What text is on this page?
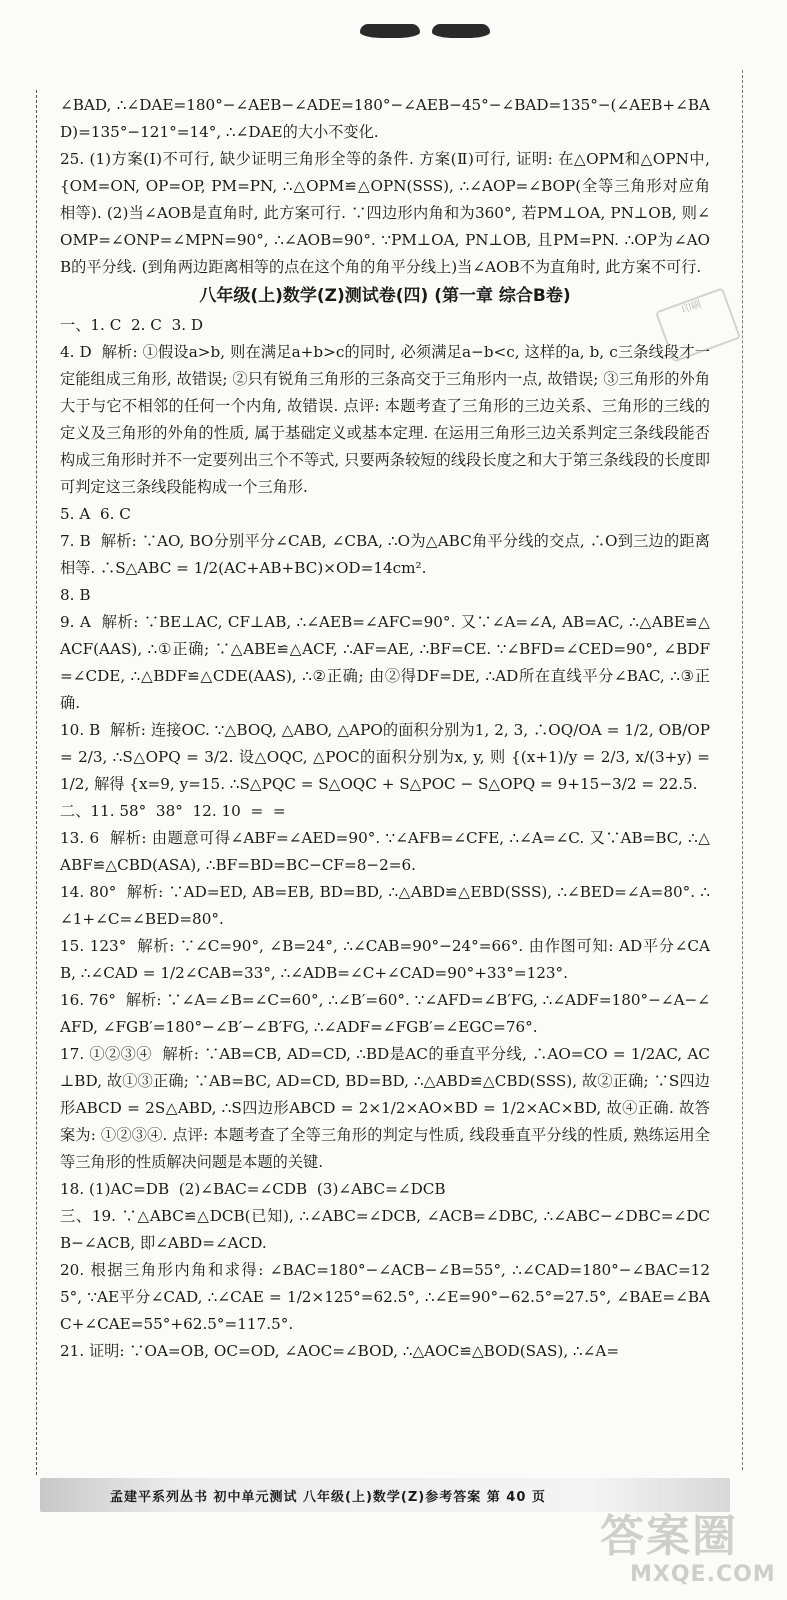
∠BAD, ∴∠DAE=180°−∠AEB−∠ADE=180°−∠AEB−45°−∠BAD=135°−(∠AEB+∠BAD)=135°−121°=14°, ∴∠DAE的大小不变化.

25. (1)方案(Ⅰ)不可行, 缺少证明三角形全等的条件. 方案(Ⅱ)可行, 证明: 在△OPM和△OPN中, {OM=ON, OP=OP, PM=PN, ∴△OPM≌△OPN(SSS), ∴∠AOP=∠BOP(全等三角形对应角相等). (2)当∠AOB是直角时, 此方案可行. ∵四边形内角和为360°, 若PM⊥OA, PN⊥OB, 则∠OMP=∠ONP=∠MPN=90°, ∴∠AOB=90°. ∵PM⊥OA, PN⊥OB, 且PM=PN. ∴OP为∠AOB的平分线. (到角两边距离相等的点在这个角的角平分线上)当∠AOB不为直角时, 此方案不可行.

八年级(上)数学(Z)测试卷(四) (第一章 综合B卷)

一、1. C  2. C  3. D

4. D  解析: ①假设a>b, 则在满足a+b>c的同时, 必须满足a−b<c, 这样的a, b, c三条线段才一定能组成三角形, 故错误; ②只有锐角三角形的三条高交于三角形内一点, 故错误; ③三角形的外角大于与它不相邻的任何一个内角, 故错误. 点评: 本题考查了三角形的三边关系、三角形的三线的定义及三角形的外角的性质, 属于基础定义或基本定理. 在运用三角形三边关系判定三条线段能否构成三角形时并不一定要列出三个不等式, 只要两条较短的线段长度之和大于第三条线段的长度即可判定这三条线段能构成一个三角形.

5. A  6. C

7. B  解析: ∵AO, BO分别平分∠CAB, ∠CBA, ∴O为△ABC角平分线的交点, ∴O到三边的距离相等. ∴S△ABC = 1/2(AC+AB+BC)×OD=14cm².

8. B

9. A  解析: ∵BE⊥AC, CF⊥AB, ∴∠AEB=∠AFC=90°. 又∵∠A=∠A, AB=AC, ∴△ABE≌△ACF(AAS), ∴①正确; ∵△ABE≌△ACF, ∴AF=AE, ∴BF=CE. ∵∠BFD=∠CED=90°, ∠BDF=∠CDE, ∴△BDF≌△CDE(AAS), ∴②正确; 由②得DF=DE, ∴AD所在直线平分∠BAC, ∴③正确.

10. B  解析: 连接OC. ∵△BOQ, △ABO, △APO的面积分别为1, 2, 3, ∴OQ/OA = 1/2, OB/OP = 2/3, ∴S△OPQ = 3/2. 设△OQC, △POC的面积分别为x, y, 则 {(x+1)/y = 2/3, x/(3+y) = 1/2, 解得 {x=9, y=15. ∴S△PQC = S△OQC + S△POC − S△OPQ = 9+15−3/2 = 22.5.

二、11. 58°  38°  12. 10  =  =

13. 6  解析: 由题意可得∠ABF=∠AED=90°. ∵∠AFB=∠CFE, ∴∠A=∠C. 又∵AB=BC, ∴△ABF≌△CBD(ASA), ∴BF=BD=BC−CF=8−2=6.

14. 80°  解析: ∵AD=ED, AB=EB, BD=BD, ∴△ABD≌△EBD(SSS), ∴∠BED=∠A=80°. ∴∠1+∠C=∠BED=80°.

15. 123°  解析: ∵∠C=90°, ∠B=24°, ∴∠CAB=90°−24°=66°. 由作图可知: AD平分∠CAB, ∴∠CAD = 1/2∠CAB=33°, ∴∠ADB=∠C+∠CAD=90°+33°=123°.

16. 76°  解析: ∵∠A=∠B=∠C=60°, ∴∠B′=60°. ∵∠AFD=∠B′FG, ∴∠ADF=180°−∠A−∠AFD, ∠FGB′=180°−∠B′−∠B′FG, ∴∠ADF=∠FGB′=∠EGC=76°.

17. ①②③④  解析: ∵AB=CB, AD=CD, ∴BD是AC的垂直平分线, ∴AO=CO = 1/2AC, AC⊥BD, 故①③正确; ∵AB=BC, AD=CD, BD=BD, ∴△ABD≌△CBD(SSS), 故②正确; ∵S四边形ABCD = 2S△ABD, ∴S四边形ABCD = 2×1/2×AO×BD = 1/2×AC×BD, 故④正确. 故答案为: ①②③④. 点评: 本题考查了全等三角形的判定与性质, 线段垂直平分线的性质, 熟练运用全等三角形的性质解决问题是本题的关键.

18. (1)AC=DB  (2)∠BAC=∠CDB  (3)∠ABC=∠DCB

三、19. ∵△ABC≌△DCB(已知), ∴∠ABC=∠DCB, ∠ACB=∠DBC, ∴∠ABC−∠DBC=∠DCB−∠ACB, 即∠ABD=∠ACD.

20. 根据三角形内角和求得: ∠BAC=180°−∠ACB−∠B=55°, ∴∠CAD=180°−∠BAC=125°, ∵AE平分∠CAD, ∴∠CAE = 1/2×125°=62.5°, ∴∠E=90°−62.5°=27.5°, ∠BAE=∠BAC+∠CAE=55°+62.5°=117.5°.

21. 证明: ∵OA=OB, OC=OD, ∠AOC=∠BOD, ∴△AOC≌△BOD(SAS), ∴∠A=

印刷
孟建平系列丛书 初中单元测试 八年级(上)数学(Z)参考答案 第 40 页
答案圈
MXQE.COM
